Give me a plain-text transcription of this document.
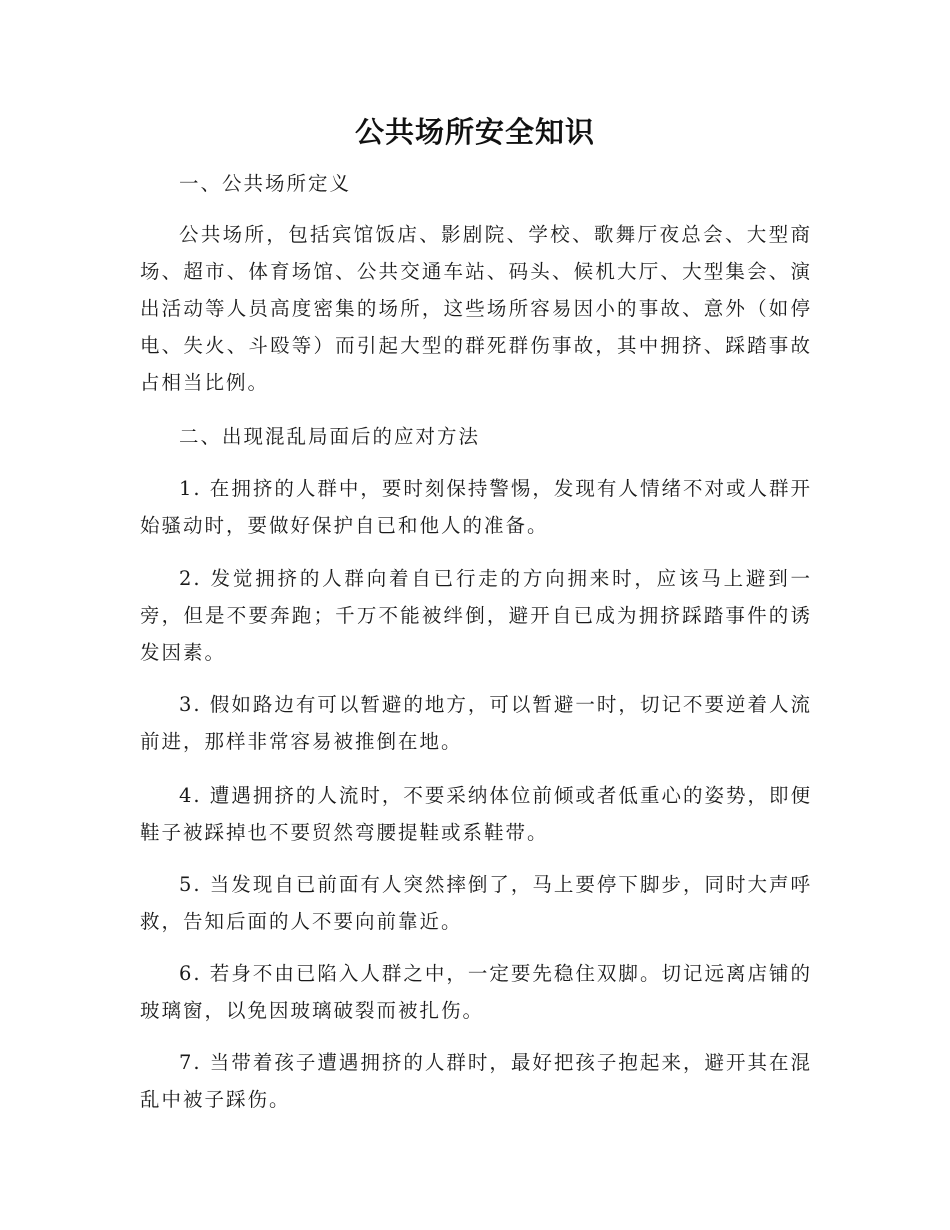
公共场所安全知识

一、公共场所定义

公共场所，包括宾馆饭店、影剧院、学校、歌舞厅夜总会、大型商场、超市、体育场馆、公共交通车站、码头、候机大厅、大型集会、演出活动等人员高度密集的场所，这些场所容易因小的事故、意外（如停电、失火、斗殴等）而引起大型的群死群伤事故，其中拥挤、踩踏事故占相当比例。

二、出现混乱局面后的应对方法

1. 在拥挤的人群中，要时刻保持警惕，发现有人情绪不对或人群开始骚动时，要做好保护自已和他人的准备。

2. 发觉拥挤的人群向着自已行走的方向拥来时，应该马上避到一旁，但是不要奔跑；千万不能被绊倒，避开自已成为拥挤踩踏事件的诱发因素。

3. 假如路边有可以暂避的地方，可以暂避一时，切记不要逆着人流前进，那样非常容易被推倒在地。

4. 遭遇拥挤的人流时，不要采纳体位前倾或者低重心的姿势，即便鞋子被踩掉也不要贸然弯腰提鞋或系鞋带。

5. 当发现自已前面有人突然摔倒了，马上要停下脚步，同时大声呼救，告知后面的人不要向前靠近。

6. 若身不由已陷入人群之中，一定要先稳住双脚。切记远离店铺的玻璃窗，以免因玻璃破裂而被扎伤。

7. 当带着孩子遭遇拥挤的人群时，最好把孩子抱起来，避开其在混乱中被子踩伤。
